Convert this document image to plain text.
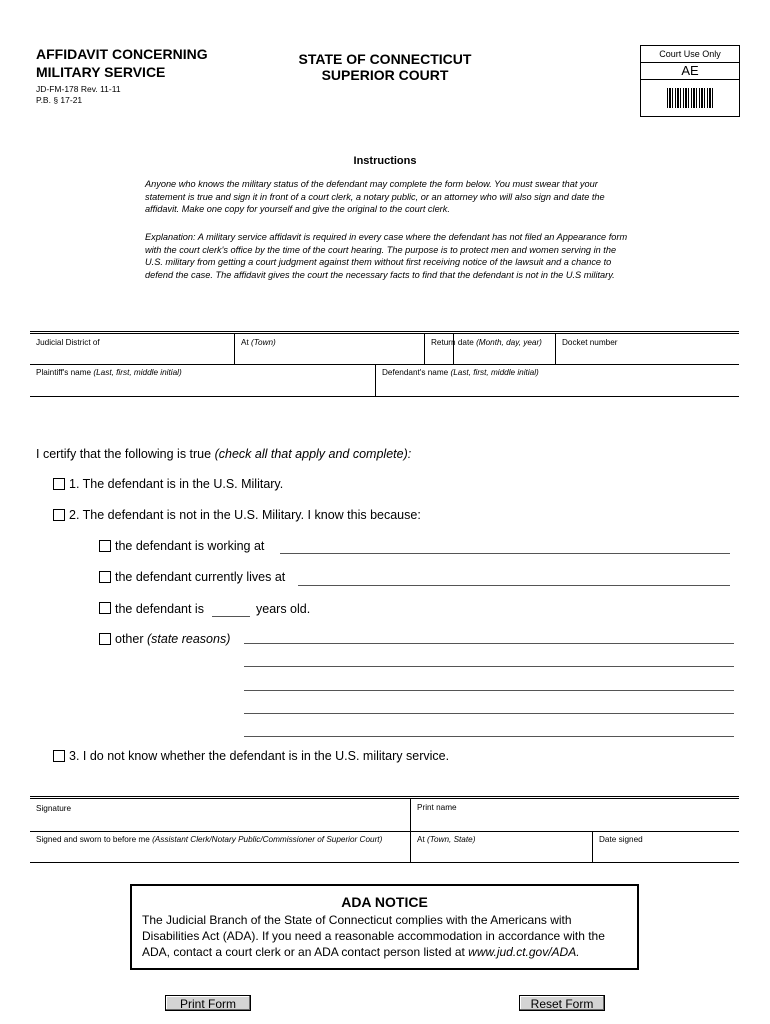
AFFIDAVIT CONCERNING
MILITARY SERVICE
JD-FM-178 Rev. 11-11
P.B. § 17-21
STATE OF CONNECTICUT
SUPERIOR COURT
Court Use Only
AE
Instructions
Anyone who knows the military status of the defendant may complete the form below. You must swear that your statement is true and sign it in front of a court clerk, a notary public, or an attorney who will also sign and date the affidavit. Make one copy for yourself and give the original to the court clerk.
Explanation: A military service affidavit is required in every case where the defendant has not filed an Appearance form with the court clerk's office by the time of the court hearing. The purpose is to protect men and women serving in the U.S. military from getting a court judgment against them without first receiving notice of the lawsuit and a chance to defend the case. The affidavit gives the court the necessary facts to find that the defendant is not in the U.S military.
Judicial District of	At (Town)	Return date (Month, day, year)	Docket number
Plaintiff's name (Last, first, middle initial)	Defendant's name (Last, first, middle initial)
I certify that the following is true (check all that apply and complete):
1. The defendant is in the U.S. Military.
2. The defendant is not in the U.S. Military. I know this because:
the defendant is working at
the defendant currently lives at
the defendant is	years old.
other (state reasons)
3. I do not know whether the defendant is in the U.S. military service.
Signature	Print name
Signed and sworn to before me (Assistant Clerk/Notary Public/Commissioner of Superior Court)	At (Town, State)	Date signed
ADA NOTICE
The Judicial Branch of the State of Connecticut complies with the Americans with Disabilities Act (ADA). If you need a reasonable accommodation in accordance with the ADA, contact a court clerk or an ADA contact person listed at www.jud.ct.gov/ADA.
Print Form	Reset Form
